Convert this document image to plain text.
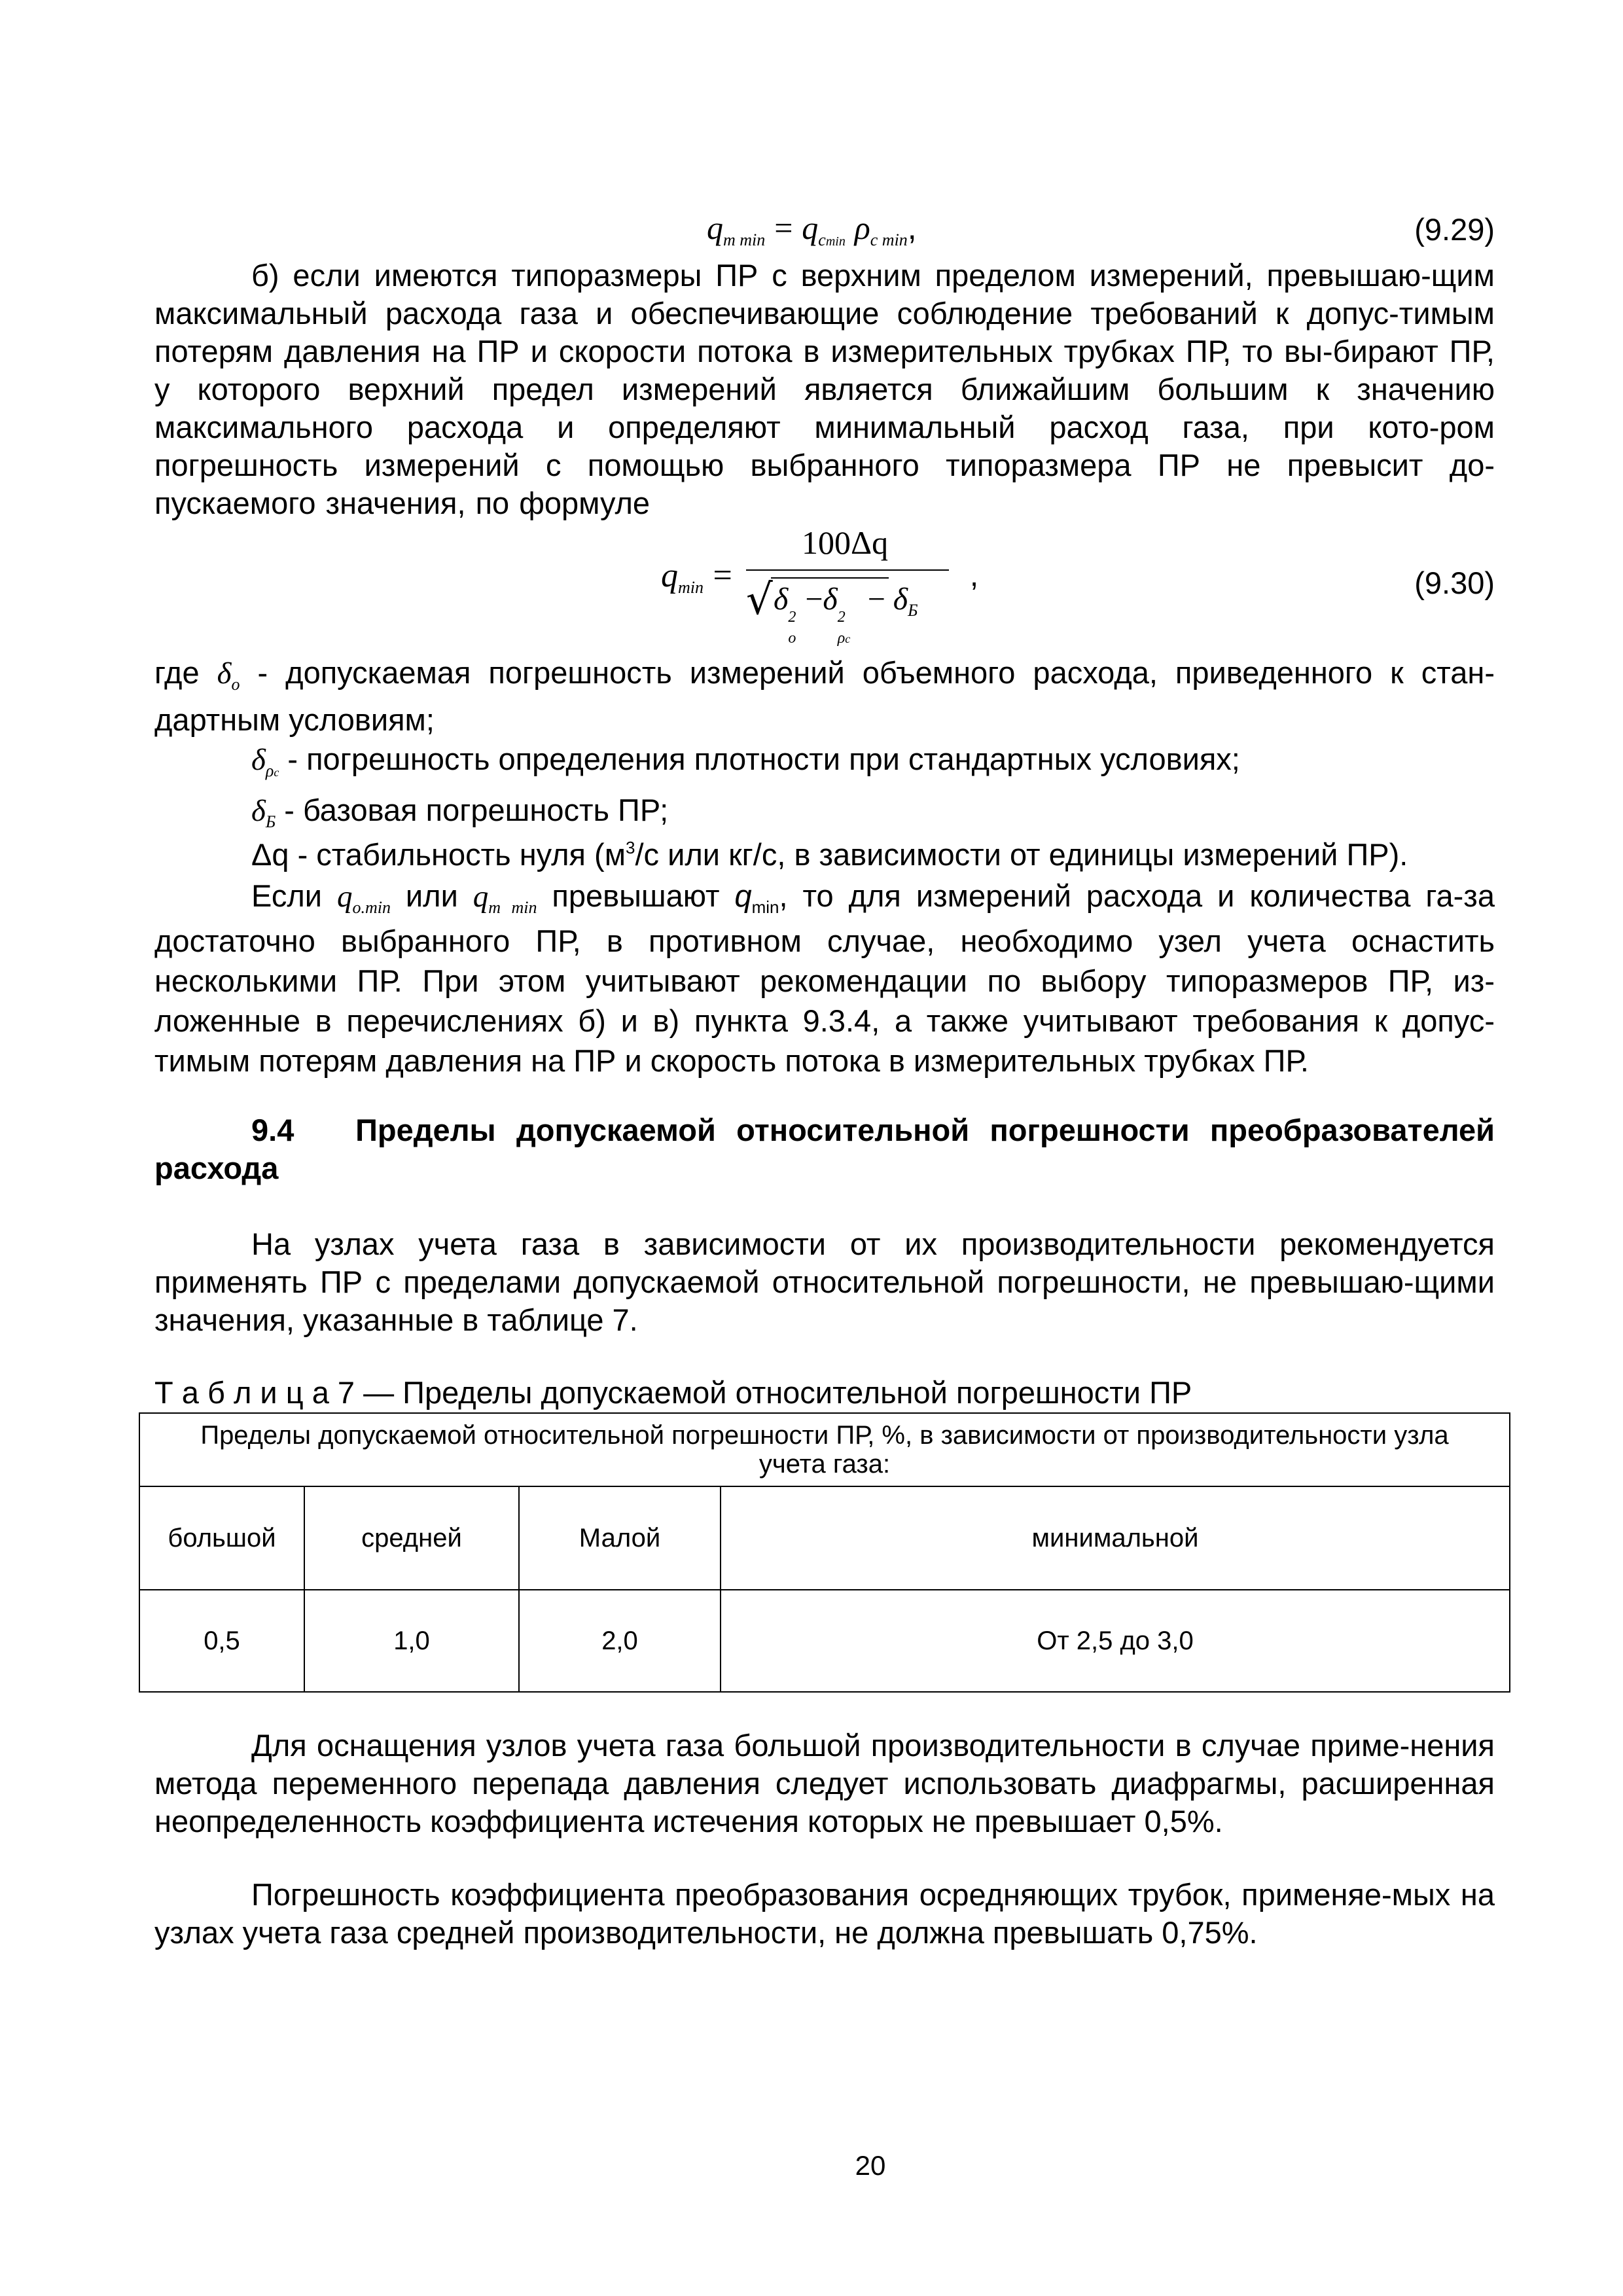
$q_{m min} = q_{cmin}$ $\rho_{c min}$,	(9.29)

б) если имеются типоразмеры ПР с верхним пределом измерений, превышаю-щим максимальный расхода газа и обеспечивающие соблюдение требований к допус-тимым потерям давления на ПР и скорости потока в измерительных трубках ПР, то вы-бирают ПР, у которого верхний предел измерений является ближайшим большим к значению максимального расхода и определяют минимальный расход газа, при кото-ром погрешность измерений с помощью выбранного типоразмера ПР не превысит до-пускаемого значения, по формуле

qmin =
100Δq
√ δ
2
o
−δ
2
ρc
− $\delta_Б$
,	(9.30)

где $\delta_o$ - допускаемая погрешность измерений объемного расхода, приведенного к стан-дартным условиям;

$\delta_{\rho c}$ - погрешность определения плотности при стандартных условиях;

$\delta_Б$ - базовая погрешность ПР;

Δq - стабильность нуля ($м^3/с$ или кг/с, в зависимости от единицы измерений ПР).

Если $q_{o.min}$ или $q_{m min}$ превышают $q_{min}$, то для измерений расхода и количества га-за достаточно выбранного ПР, в противном случае, необходимо узел учета оснастить несколькими ПР. При этом учитывают рекомендации по выбору типоразмеров ПР, из-ложенные в перечислениях б) и в) пункта 9.3.4, а также учитывают требования к допус-тимым потерям давления на ПР и скорость потока в измерительных трубках ПР.

9.4 Пределы допускаемой относительной погрешности преобразователей расхода

На узлах учета газа в зависимости от их производительности рекомендуется применять ПР с пределами допускаемой относительной погрешности, не превышаю-щими значения, указанные в таблице 7.

Т а б л и ц а 7 — Пределы допускаемой относительной погрешности ПР
Пределы допускаемой относительной погрешности ПР, %, в зависимости от производительности узла учета газа:			
большой	средней	Малой	минимальной
0,5	1,0	2,0	От 2,5 до 3,0

Для оснащения узлов учета газа большой производительности в случае приме-нения метода переменного перепада давления следует использовать диафрагмы, расширенная неопределенность коэффициента истечения которых не превышает 0,5%.

Погрешность коэффициента преобразования осредняющих трубок, применяе-мых на узлах учета газа средней производительности, не должна превышать 0,75%.

20
